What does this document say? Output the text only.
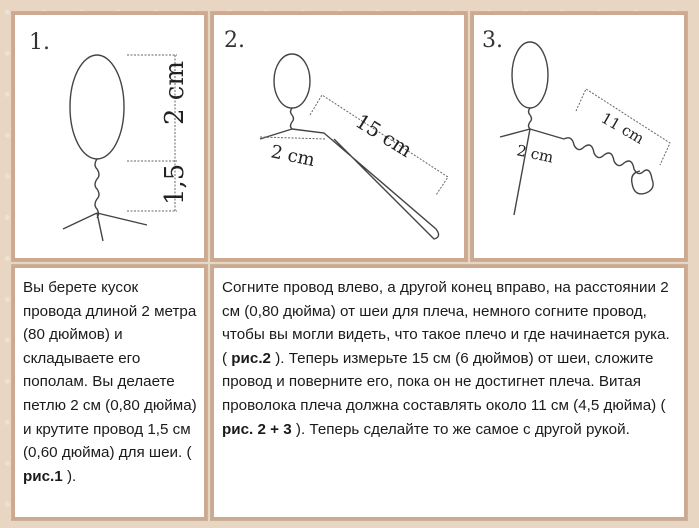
1.
2 cm
1,5
2.
15 cm
2 cm
3.
11 cm
2 cm
Вы берете кусок провода длиной 2 метра (80 дюймов) и складываете его пополам. Вы делаете петлю 2 см (0,80 дюйма) и крутите провод 1,5 см (0,60 дюйма) для шеи. ( рис.1 ).
Согните провод влево, а другой конец вправо, на расстоянии 2 см (0,80 дюйма) от шеи для плеча, немного согните провод, чтобы вы могли видеть, что такое плечо и где начинается рука. ( рис.2 ). Теперь измерьте 15 см (6 дюймов) от шеи, сложите провод и поверните его, пока он не достигнет плеча. Витая проволока плеча должна составлять около 11 см (4,5 дюйма) ( рис. 2 + 3 ). Теперь сделайте то же самое с другой рукой.
